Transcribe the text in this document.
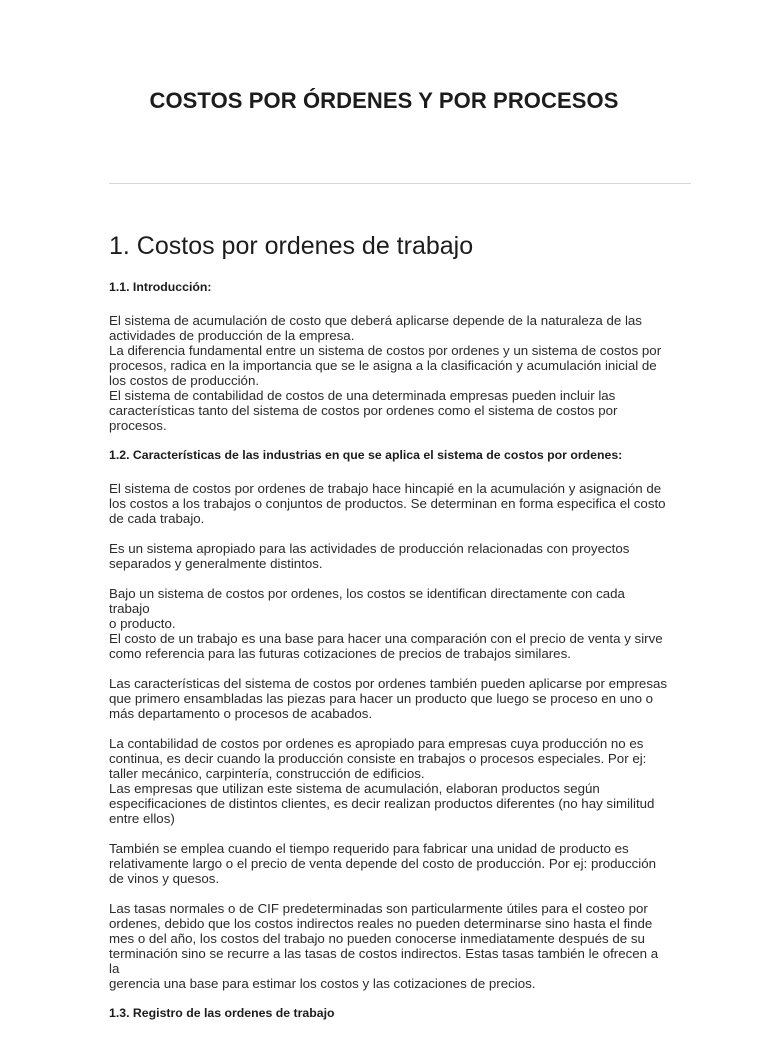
COSTOS POR ÓRDENES Y POR PROCESOS
1. Costos por ordenes de trabajo
1.1. Introducción:
El sistema de acumulación de costo que deberá aplicarse depende de la naturaleza de las
actividades de producción de la empresa.
La diferencia fundamental entre un sistema de costos por ordenes y un sistema de costos por
procesos, radica en la importancia que se le asigna a la clasificación y acumulación inicial de
los costos de producción.
El sistema de contabilidad de costos de una determinada empresas pueden incluir las
características tanto del sistema de costos por ordenes como el sistema de costos por
procesos.
1.2. Características de las industrias en que se aplica el sistema de costos por ordenes:
El sistema de costos por ordenes de trabajo hace hincapié en la acumulación y asignación de
los costos a los trabajos o conjuntos de productos. Se determinan en forma especifica el costo
de cada trabajo.
Es un sistema apropiado para las actividades de producción relacionadas con proyectos
separados y generalmente distintos.
Bajo un sistema de costos por ordenes, los costos se identifican directamente con cada trabajo
o producto.
El costo de un trabajo es una base para hacer una comparación con el precio de venta y sirve
como referencia para las futuras cotizaciones de precios de trabajos similares.
Las características del sistema de costos por ordenes también pueden aplicarse por empresas
que primero ensambladas las piezas para hacer un producto que luego se proceso en uno o
más departamento o procesos de acabados.
La contabilidad de costos por ordenes es apropiado para empresas cuya producción no es
continua, es decir cuando la producción consiste en trabajos o procesos especiales. Por ej:
taller mecánico, carpintería, construcción de edificios.
Las empresas que utilizan este sistema de acumulación, elaboran productos según
especificaciones de distintos clientes, es decir realizan productos diferentes (no hay similitud
entre ellos)
También se emplea cuando el tiempo requerido para fabricar una unidad de producto es
relativamente largo o el precio de venta depende del costo de producción. Por ej: producción
de vinos y quesos.
Las tasas normales o de CIF predeterminadas son particularmente útiles para el costeo por
ordenes, debido que los costos indirectos reales no pueden determinarse sino hasta el finde
mes o del año, los costos del trabajo no pueden conocerse inmediatamente después de su
terminación sino se recurre a las tasas de costos indirectos. Estas tasas también le ofrecen a la
gerencia una base para estimar los costos y las cotizaciones de precios.
1.3. Registro de las ordenes de trabajo
